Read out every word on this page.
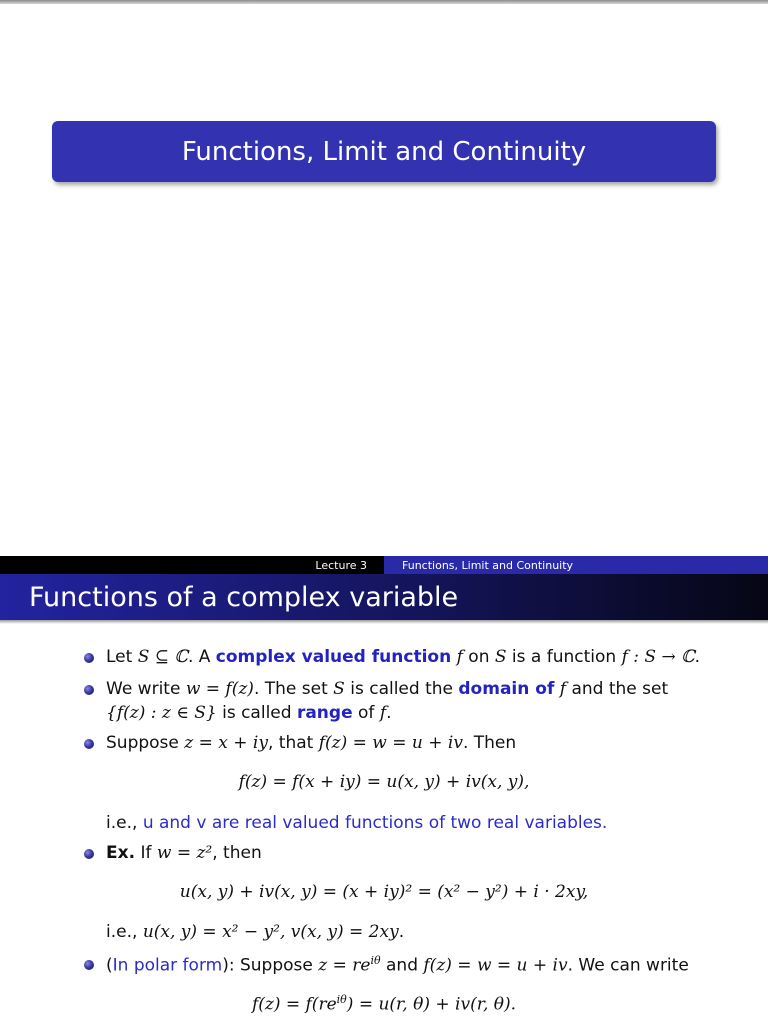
Functions, Limit and Continuity
Lecture 3	Functions, Limit and Continuity
Functions of a complex variable
Let S ⊆ ℂ. A complex valued function f on S is a function f : S → ℂ.
We write w = f(z). The set S is called the domain of f and the set
{f(z) : z ∈ S} is called range of f.
Suppose z = x + iy, that f(z) = w = u + iv. Then
f(z) = f(x + iy) = u(x, y) + iv(x, y),
i.e., u and v are real valued functions of two real variables.
Ex. If w = z², then
u(x, y) + iv(x, y) = (x + iy)² = (x² − y²) + i · 2xy,
i.e., u(x, y) = x² − y², v(x, y) = 2xy.
(In polar form): Suppose $z = re^{i\theta}$ and f(z) = w = u + iv. We can write
$f(z) = f(re^{i\theta}) = u(r$, θ) + iv(r, θ).
